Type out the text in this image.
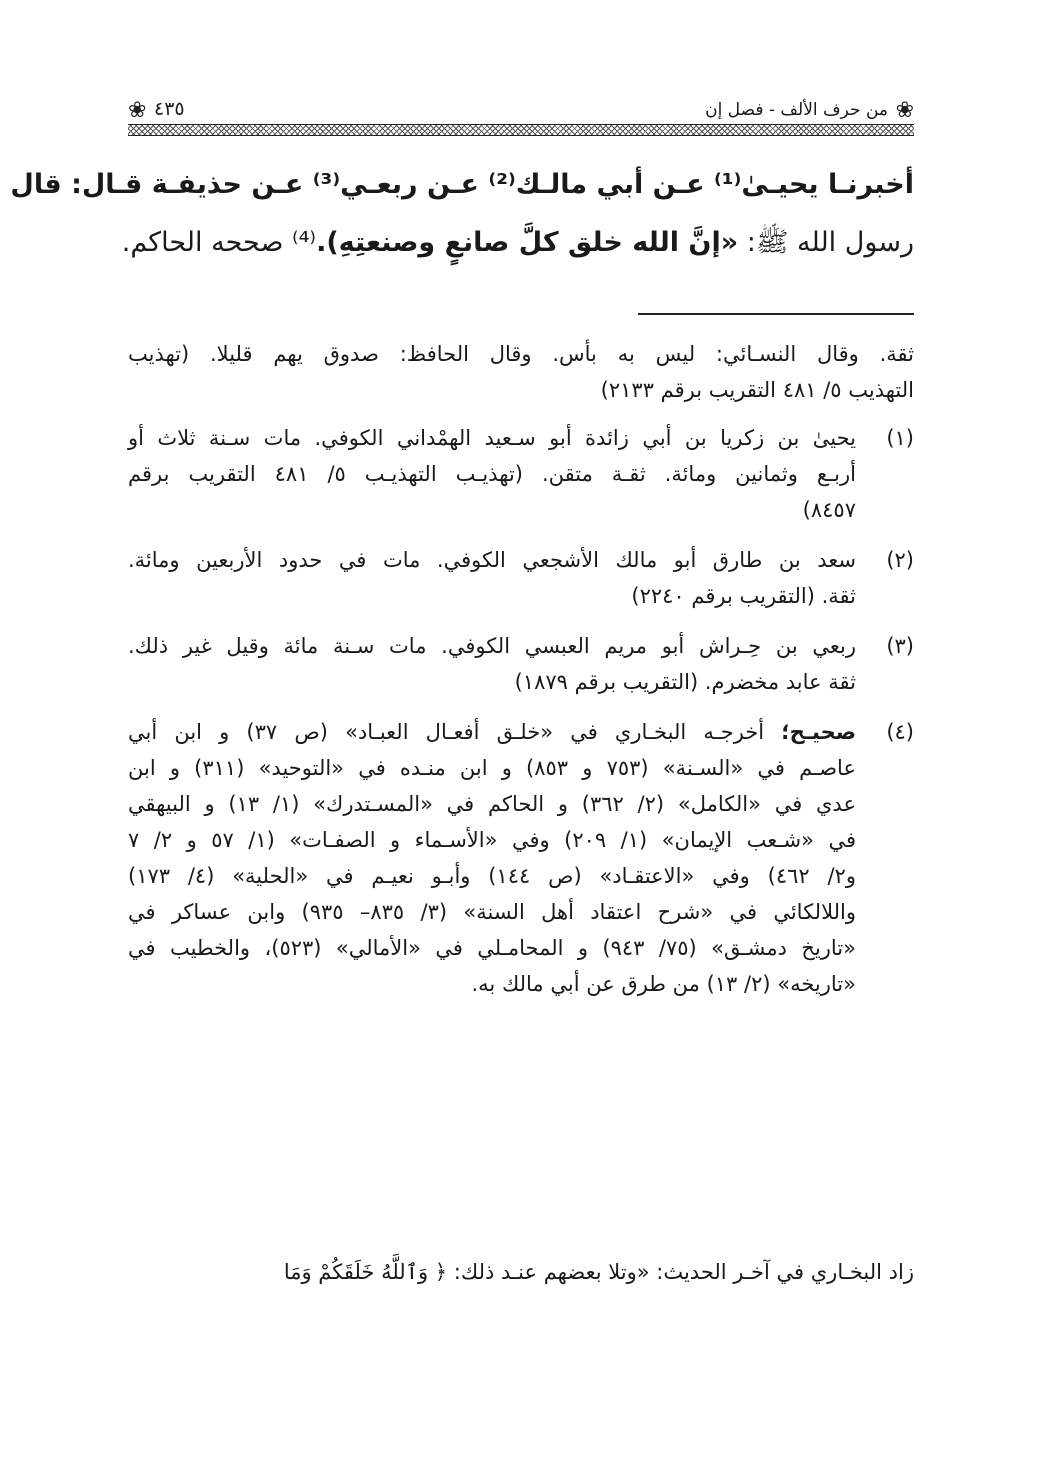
❀ ٤٣٥	من حرف الألف - فصل إن ❀
أخبرنـا يحيـىٰ⁽¹⁾ عـن أبي مالـك⁽²⁾ عـن ربعـي⁽³⁾ عـن حذيفـة قـال: قال
رسول الله ﷺ: «إنَّ الله خلق كلَّ صانعٍ وصنعتِهِ).⁽⁴⁾ صححه الحاكم.
ثقة. وقال النسـائي: ليس به بأس. وقال الحافظ: صدوق يهم قليلا. (تهذيب
التهذيب ٥/ ٤٨١ التقريب برقم ٢١٣٣)
(١)
يحيىٰ بن زكريا بن أبي زائدة أبو سـعيد الهمْداني الكوفي. مات سـنة ثلاث أو
أربـع وثمانين ومائة. ثقـة متقن. (تهذيـب التهذيـب ٥/ ٤٨١ التقريب برقم
٨٤٥٧)
(٢)
سعد بن طارق أبو مالك الأشجعي الكوفي. مات في حدود الأربعين ومائة.
ثقة. (التقريب برقم ٢٢٤٠)
(٣)
ربعي بن حِـراش أبو مريم العبسي الكوفي. مات سـنة مائة وقيل غير ذلك.
ثقة عابد مخضرم. (التقريب برقم ١٨٧٩)
(٤)
صحيـح؛ أخرجـه البخـاري في «خلـق أفعـال العبـاد» (ص ٣٧) و ابن أبي
عاصـم في «السـنة» (٧٥٣ و ٨٥٣) و ابن منـده في «التوحيد» (٣١١) و ابن
عدي في «الكامل» (٢/ ٣٦٢) و الحاكم في «المسـتدرك» (١/ ١٣) و البيهقي
في «شـعب الإيمان» (١/ ٢٠٩) وفي «الأسـماء و الصفـات» (١/ ٥٧ و ٢/ ٧
و٢/ ٤٦٢) وفي «الاعتقـاد» (ص ١٤٤) وأبـو نعيـم في «الحلية» (٤/ ١٧٣)
واللالكائي في «شرح اعتقاد أهل السنة» (٣/ ٨٣٥– ٩٣٥) وابن عساكر في
«تاريخ دمشـق» (٧٥/ ٩٤٣) و المحامـلي في «الأمالي» (٥٢٣)، والخطيب في
«تاريخه» (٢/ ١٣) من طرق عن أبي مالك به.
زاد البخـاري في آخـر الحديث: «وتلا بعضهم عنـد ذلك: ﴿ وَٱللَّهُ خَلَقَكُمْ وَمَا
